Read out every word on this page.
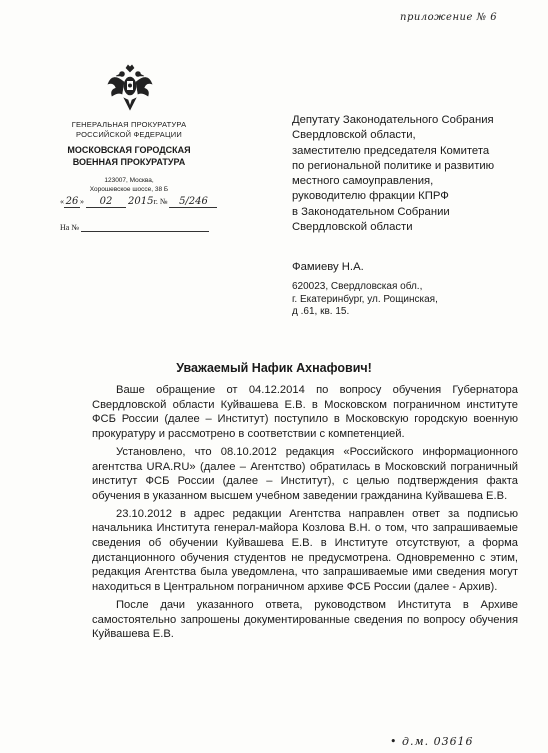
приложение № 6
ГЕНЕРАЛЬНАЯ ПРОКУРАТУРА
РОССИЙСКОЙ ФЕДЕРАЦИИ
МОСКОВСКАЯ ГОРОДСКАЯ
ВОЕННАЯ ПРОКУРАТУРА
123007, Москва,
Хорошевское шоссе, 38 Б
« 26 » 02 2015г. № 5/246
На №
Депутату Законодательного Собрания
Свердловской области,
заместителю председателя Комитета
по региональной политике и развитию
местного самоуправления,
руководителю фракции КПРФ
в Законодательном Собрании
Свердловской области
Фамиеву Н.А.
620023, Свердловская обл.,
г. Екатеринбург, ул. Рощинская,
д .61, кв. 15.
Уважаемый Нафик Ахнафович!

Ваше обращение от 04.12.2014 по вопросу обучения Губернатора Свердловской области Куйвашева Е.В. в Московском пограничном институте ФСБ России (далее – Институт) поступило в Московскую городскую военную прокуратуру и рассмотрено в соответствии с компетенцией.

Установлено, что 08.10.2012 редакция «Российского информационного агентства URA.RU» (далее – Агентство) обратилась в Московский пограничный институт ФСБ России (далее – Институт), с целью подтверждения факта обучения в указанном высшем учебном заведении гражданина Куйвашева Е.В.

23.10.2012 в адрес редакции Агентства направлен ответ за подписью начальника Института генерал-майора Козлова В.Н. о том, что запрашиваемые сведения об обучении Куйвашева Е.В. в Институте отсутствуют, а форма дистанционного обучения студентов не предусмотрена. Одновременно с этим, редакция Агентства была уведомлена, что запрашиваемые ими сведения могут находиться в Центральном пограничном архиве ФСБ России (далее - Архив).

После дачи указанного ответа, руководством Института в Архиве самостоятельно запрошены документированные сведения по вопросу обучения Куйвашева Е.В.

• д.м. 03616
